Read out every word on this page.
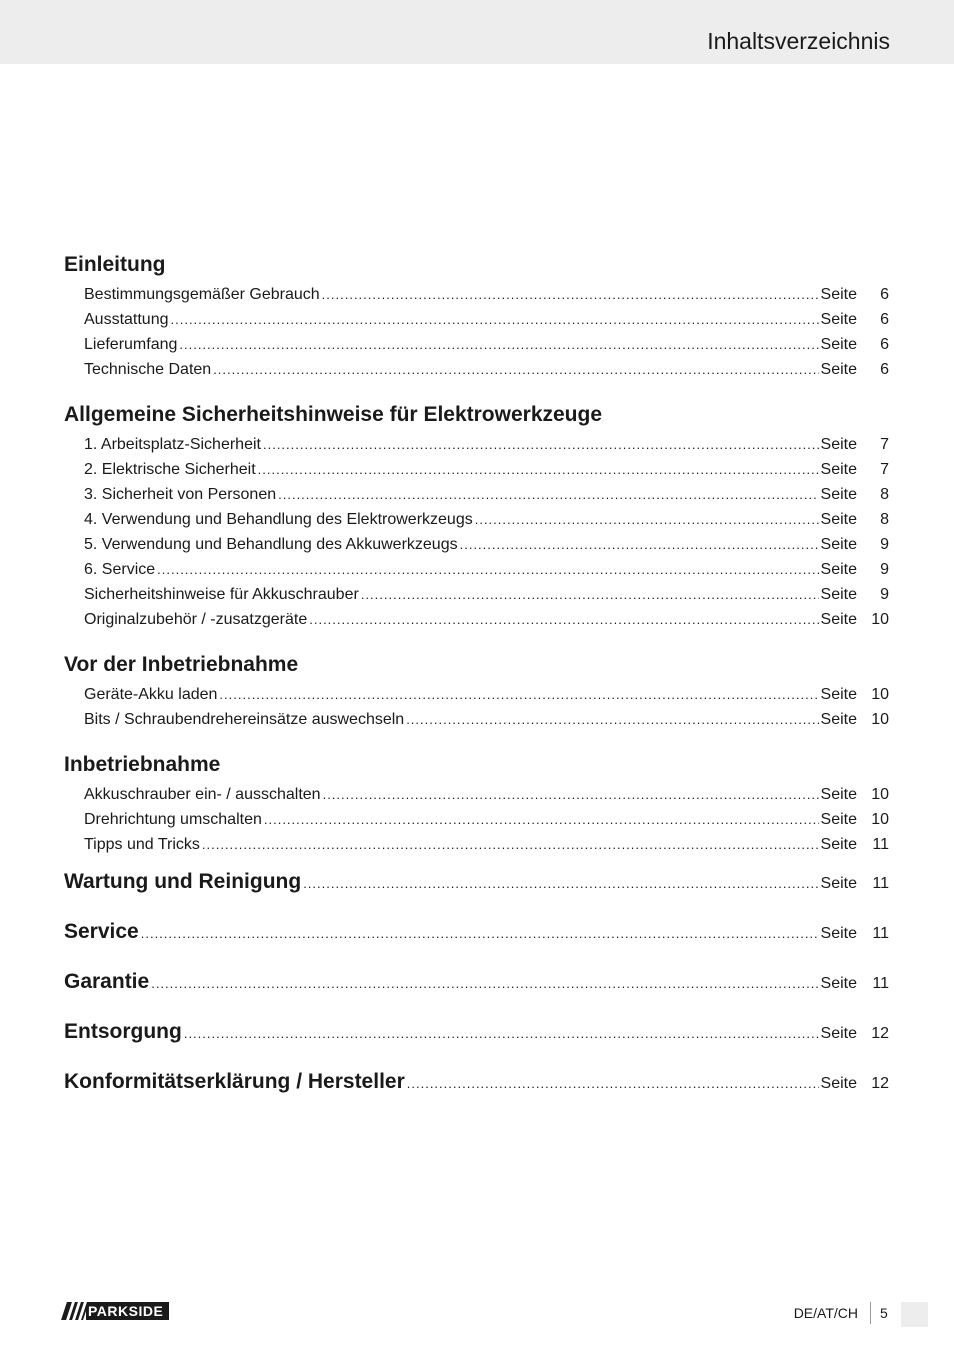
Inhaltsverzeichnis
Einleitung
Bestimmungsgemäßer Gebrauch .....	Seite	6
Ausstattung .....	Seite	6
Lieferumfang .....	Seite	6
Technische Daten .....	Seite	6
Allgemeine Sicherheitshinweise für Elektrowerkzeuge
1. Arbeitsplatz-Sicherheit .....	Seite	7
2. Elektrische Sicherheit .....	Seite	7
3. Sicherheit von Personen .....	Seite	8
4. Verwendung und Behandlung des Elektrowerkzeugs .....	Seite	8
5. Verwendung und Behandlung des Akkuwerkzeugs .....	Seite	9
6. Service .....	Seite	9
Sicherheitshinweise für Akkuschrauber .....	Seite	9
Originalzubehör / -zusatzgeräte .....	Seite 10
Vor der Inbetriebnahme
Geräte-Akku laden .....	Seite 10
Bits / Schraubendrehereinsätze auswechseln .....	Seite 10
Inbetriebnahme
Akkuschrauber ein- / ausschalten .....	Seite 10
Drehrichtung umschalten .....	Seite 10
Tipps und Tricks .....	Seite 11
Wartung und Reinigung .....	Seite 11
Service .....	Seite 11
Garantie .....	Seite 11
Entsorgung .....	Seite 12
Konformitätserklärung / Hersteller .....	Seite 12
PARKSIDE	DE/AT/CH 5
